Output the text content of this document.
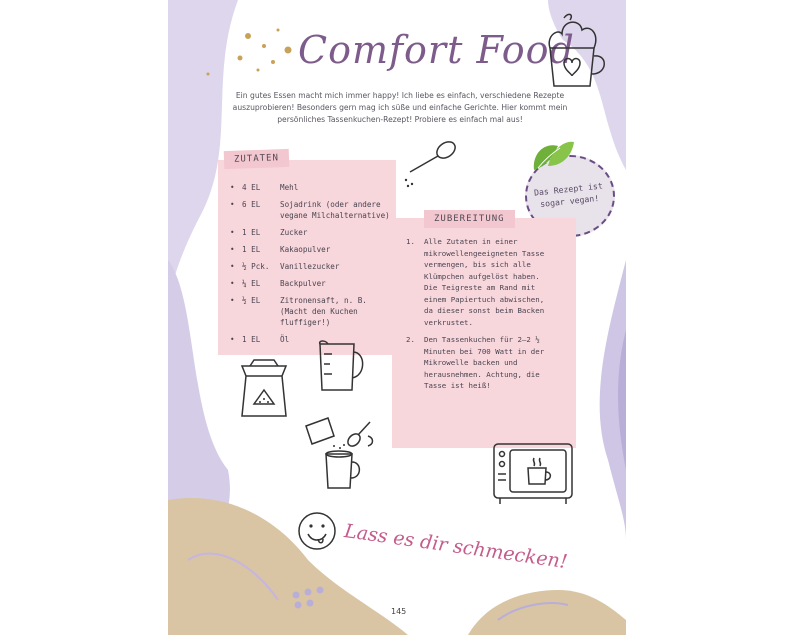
Comfort Food
Ein gutes Essen macht mich immer happy! Ich liebe es einfach, verschiedene Rezepte auszuprobieren! Besonders gern mag ich süße und einfache Gerichte. Hier kommt mein persönliches Tassenkuchen-Rezept! Probiere es einfach mal aus!
ZUTATEN
• 4 EL	Mehl
• 6 EL	Sojadrink (oder andere vegane Milchalternative)
• 1 EL	Zucker
• 1 EL	Kakaopulver
• ½ Pck.	Vanillezucker
• ¼ EL	Backpulver
• ½ EL	Zitronensaft, n. B. (Macht den Kuchen fluffiger!)
• 1 EL	Öl
Das Rezept ist sogar vegan!
ZUBEREITUNG
1.	Alle Zutaten in einer mikrowellengeeigneten Tasse vermengen, bis sich alle Klümpchen aufgelöst haben. Die Teigreste am Rand mit einem Papiertuch abwischen, da dieser sonst beim Backen verkrustet.
2.	Den Tassenkuchen für 2–2 ½ Minuten bei 700 Watt in der Mikrowelle backen und herausnehmen. Achtung, die Tasse ist heiß!
Lass es dir schmecken!
145
